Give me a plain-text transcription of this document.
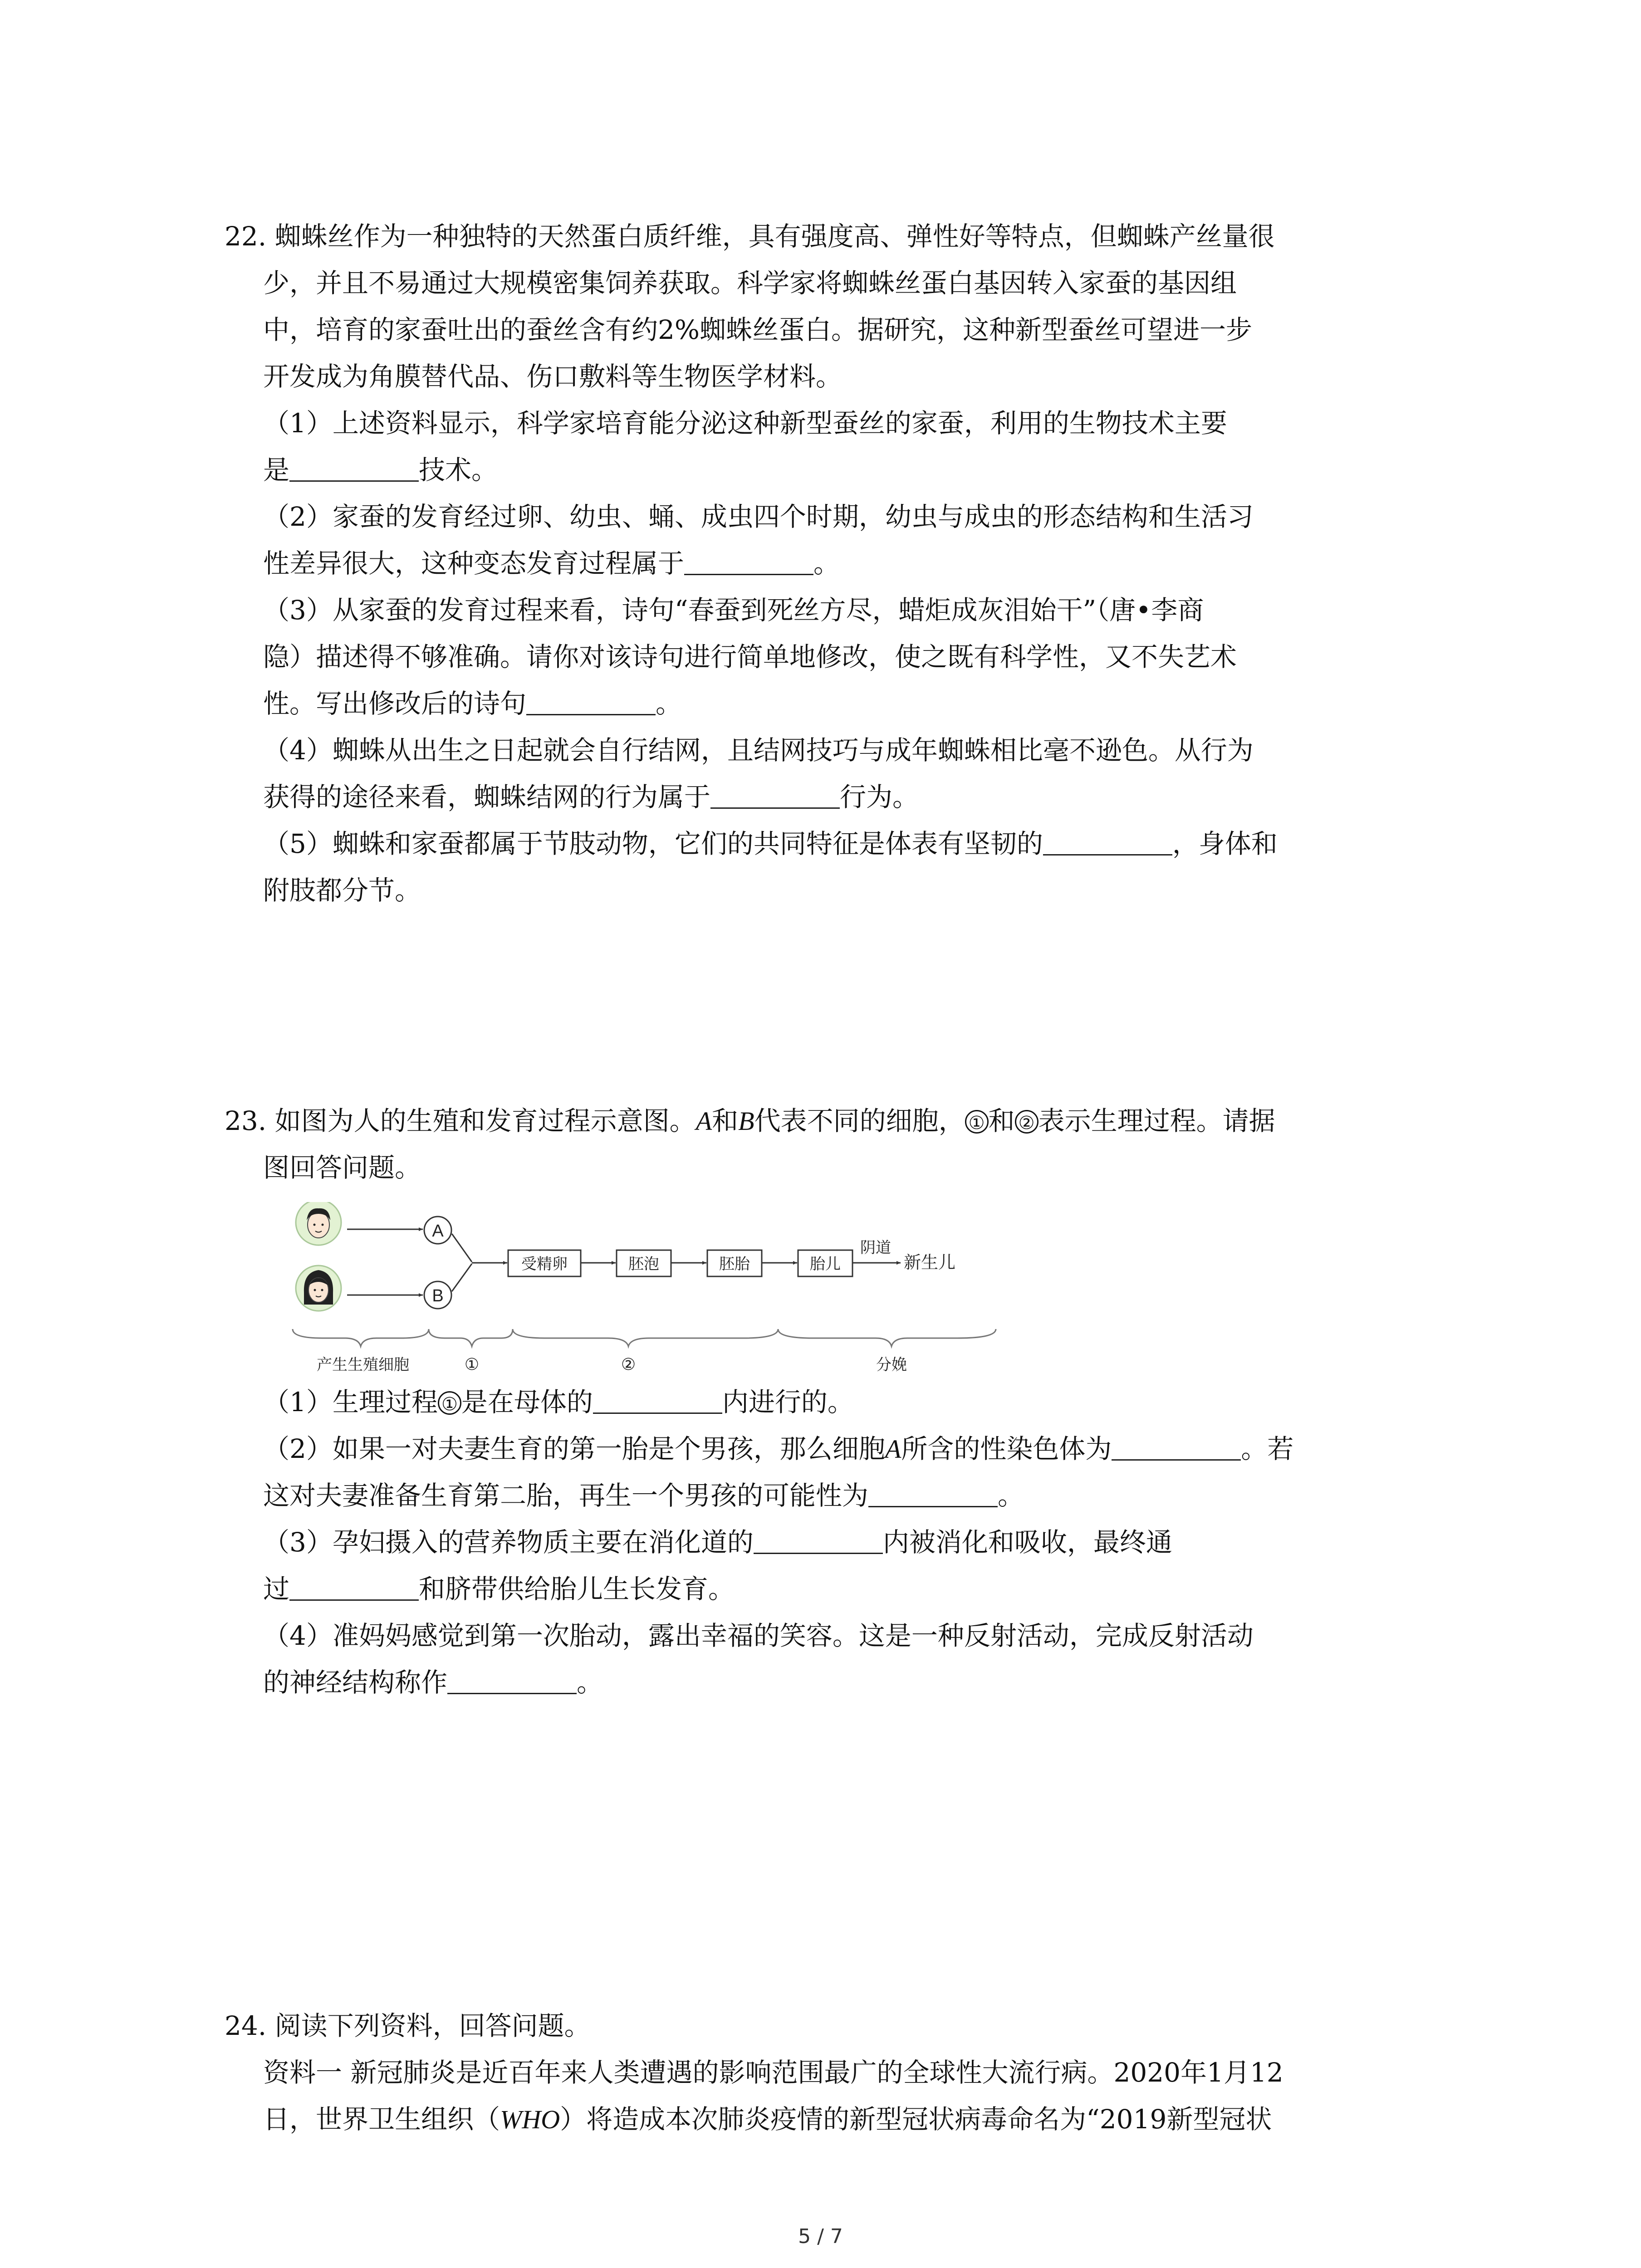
22. 蜘蛛丝作为一种独特的天然蛋白质纤维，具有强度高、弹性好等特点，但蜘蛛产丝量很
少，并且不易通过大规模密集饲养获取。科学家将蜘蛛丝蛋白基因转入家蚕的基因组
中，培育的家蚕吐出的蚕丝含有约2%蜘蛛丝蛋白。据研究，这种新型蚕丝可望进一步
开发成为角膜替代品、伤口敷料等生物医学材料。
（1）上述资料显示，科学家培育能分泌这种新型蚕丝的家蚕，利用的生物技术主要
是	技术。
（2）家蚕的发育经过卵、幼虫、蛹、成虫四个时期，幼虫与成虫的形态结构和生活习
性差异很大，这种变态发育过程属于	。
（3）从家蚕的发育过程来看，诗句“春蚕到死丝方尽，蜡炬成灰泪始干”（唐•李商
隐）描述得不够准确。请你对该诗句进行简单地修改，使之既有科学性，又不失艺术
性。写出修改后的诗句	。
（4）蜘蛛从出生之日起就会自行结网，且结网技巧与成年蜘蛛相比毫不逊色。从行为
获得的途径来看，蜘蛛结网的行为属于	行为。
（5）蜘蛛和家蚕都属于节肢动物，它们的共同特征是体表有坚韧的	，身体和
附肢都分节。
23. 如图为人的生殖和发育过程示意图。A和B代表不同的细胞， ① 和 ② 表示生理过程。请据
图回答问题。
A
B
受精卵	胚泡	胚胎	胎儿
阴道
新生儿
产生生殖细胞	①	②	分娩
（1）生理过程 ① 是在母体的	内进行的。
（2）如果一对夫妻生育的第一胎是个男孩，那么细胞A所含的性染色体为	。若
这对夫妻准备生育第二胎，再生一个男孩的可能性为	。
（3）孕妇摄入的营养物质主要在消化道的	内被消化和吸收，最终通
过	和脐带供给胎儿生长发育。
（4）准妈妈感觉到第一次胎动，露出幸福的笑容。这是一种反射活动，完成反射活动
的神经结构称作	。
24. 阅读下列资料，回答问题。
资料一 新冠肺炎是近百年来人类遭遇的影响范围最广的全球性大流行病。2020年1月12
日，世界卫生组织（WHO）将造成本次肺炎疫情的新型冠状病毒命名为“2019新型冠状
5 / 7
